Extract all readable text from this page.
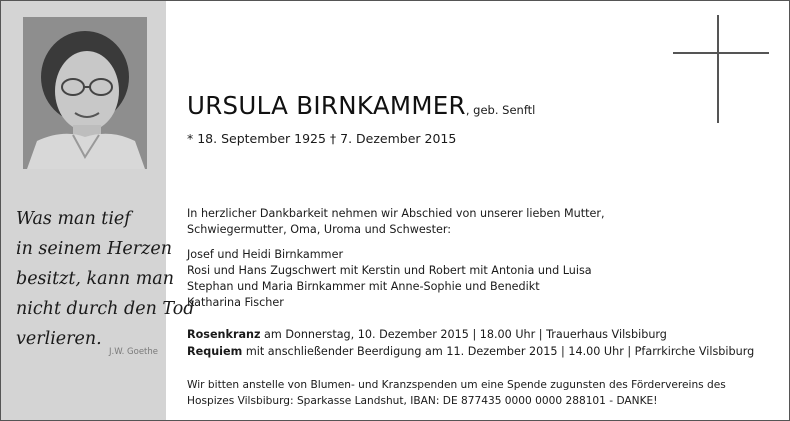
Was man tief
in seinem Herzen
besitzt, kann man
nicht durch den Tod
verlieren.
J.W. Goethe
URSULA BIRNKAMMER, geb. Senftl
* 18. September 1925 † 7. Dezember 2015
In herzlicher Dankbarkeit nehmen wir Abschied von unserer lieben Mutter,
Schwiegermutter, Oma, Uroma und Schwester:
Josef und Heidi Birnkammer
Rosi und Hans Zugschwert mit Kerstin und Robert mit Antonia und Luisa
Stephan und Maria Birnkammer mit Anne-Sophie und Benedikt
Katharina Fischer
Rosenkranz am Donnerstag, 10. Dezember 2015 | 18.00 Uhr | Trauerhaus Vilsbiburg
Requiem mit anschließender Beerdigung am 11. Dezember 2015 | 14.00 Uhr | Pfarrkirche Vilsbiburg
Wir bitten anstelle von Blumen- und Kranzspenden um eine Spende zugunsten des Fördervereins des
Hospizes Vilsbiburg: Sparkasse Landshut, IBAN: DE 877435 0000 0000 288101 - DANKE!
